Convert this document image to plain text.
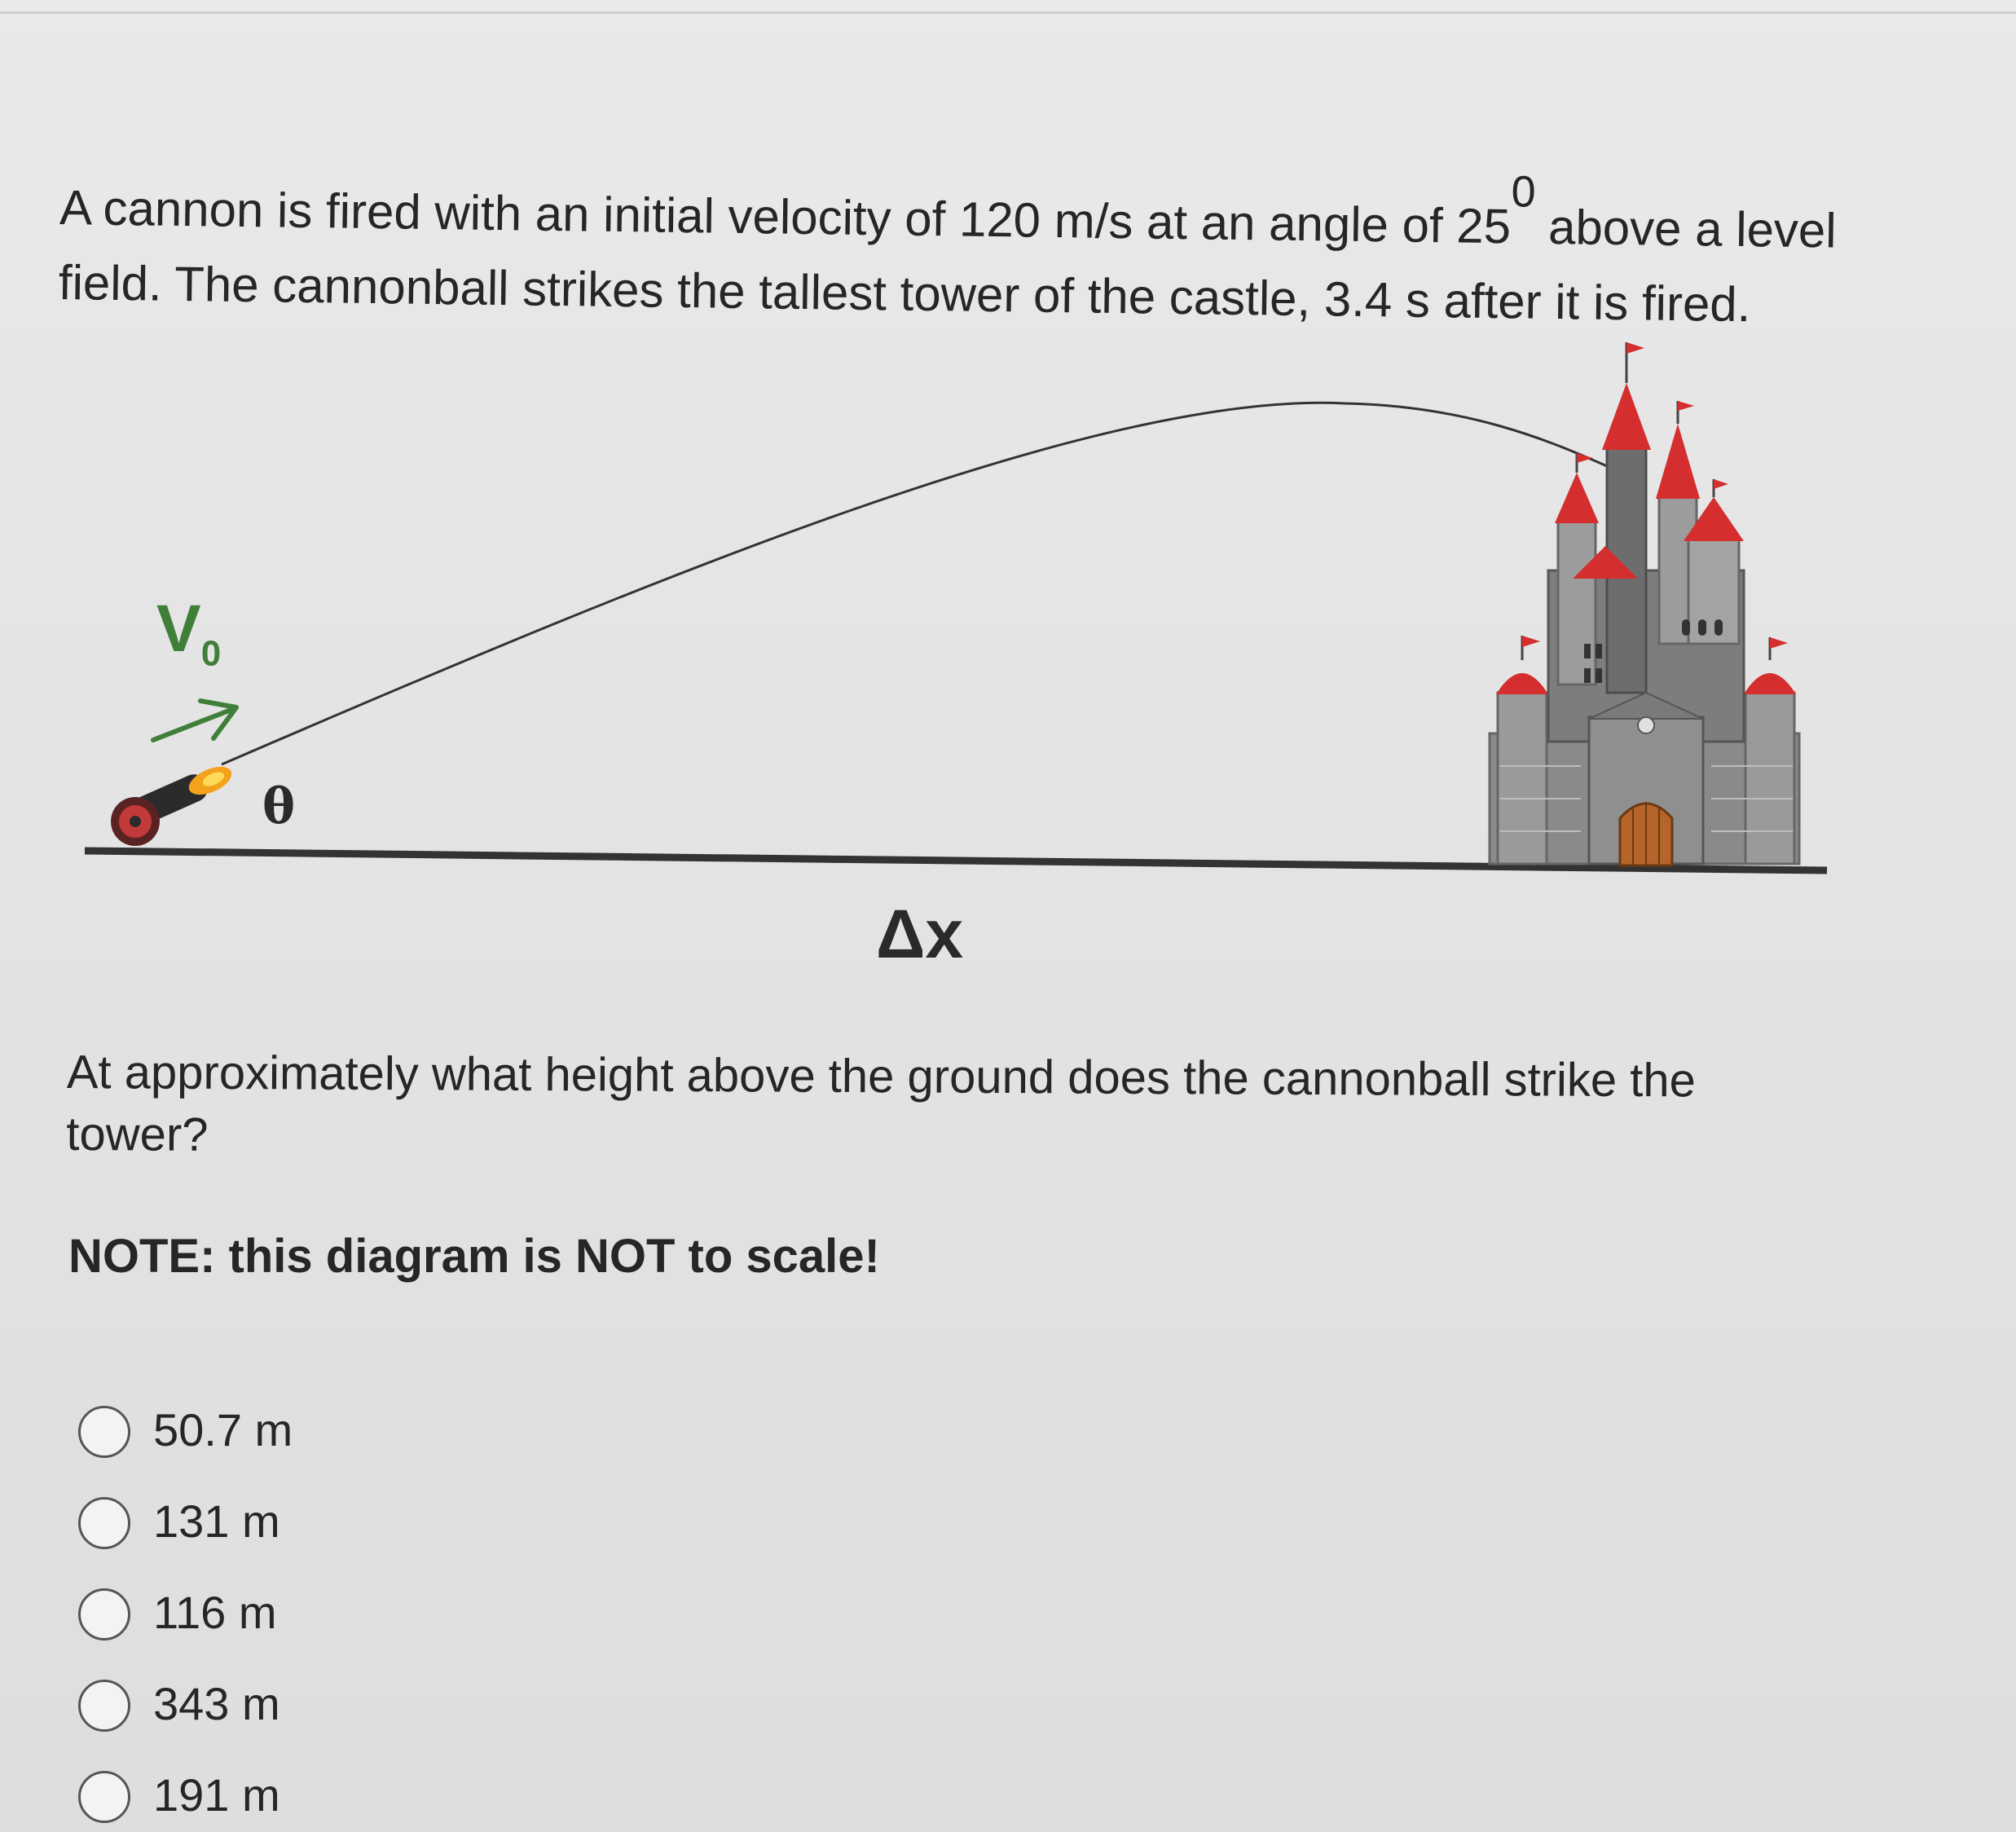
A cannon is fired with an initial velocity of 120 m/s at an angle of $25^0above$ a level
field. The cannonball strikes the tallest tower of the castle, 3.4 s after it is fired.
$V_0$
θ
Δx
At approximately what height above the ground does the cannonball strike the tower?
NOTE: this diagram is NOT to scale!
50.7 m
131 m
116 m
343 m
191 m
